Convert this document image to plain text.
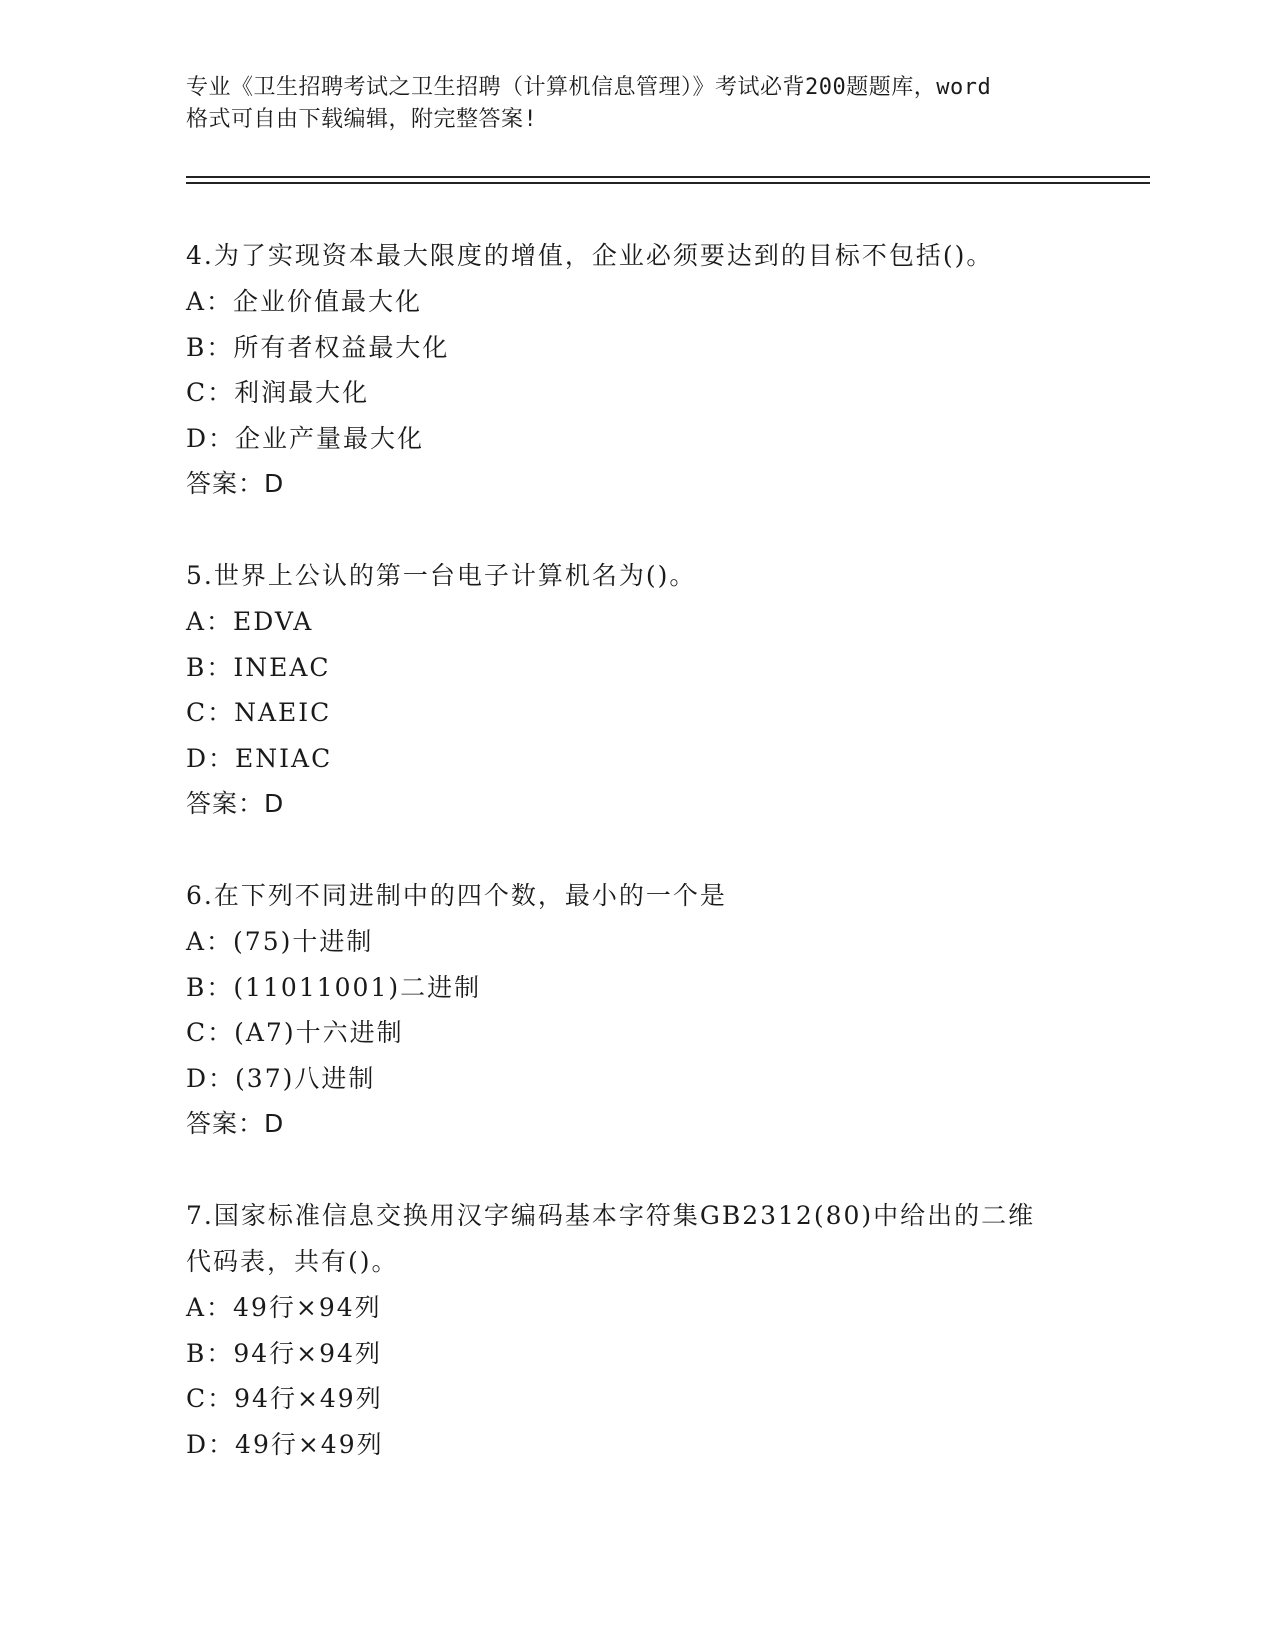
专业《卫生招聘考试之卫生招聘（计算机信息管理）》考试必背200题题库，word
格式可自由下载编辑，附完整答案!
4.为了实现资本最大限度的增值，企业必须要达到的目标不包括()。
A：企业价值最大化
B：所有者权益最大化
C：利润最大化
D：企业产量最大化
答案：D
5.世界上公认的第一台电子计算机名为()。
A：EDVA
B：INEAC
C：NAEIC
D：ENIAC
答案：D
6.在下列不同进制中的四个数，最小的一个是
A：(75)十进制
B：(11011001)二进制
C：(A7)十六进制
D：(37)八进制
答案：D
7.国家标准信息交换用汉字编码基本字符集GB2312(80)中给出的二维
代码表，共有()。
A：49行×94列
B：94行×94列
C：94行×49列
D：49行×49列
